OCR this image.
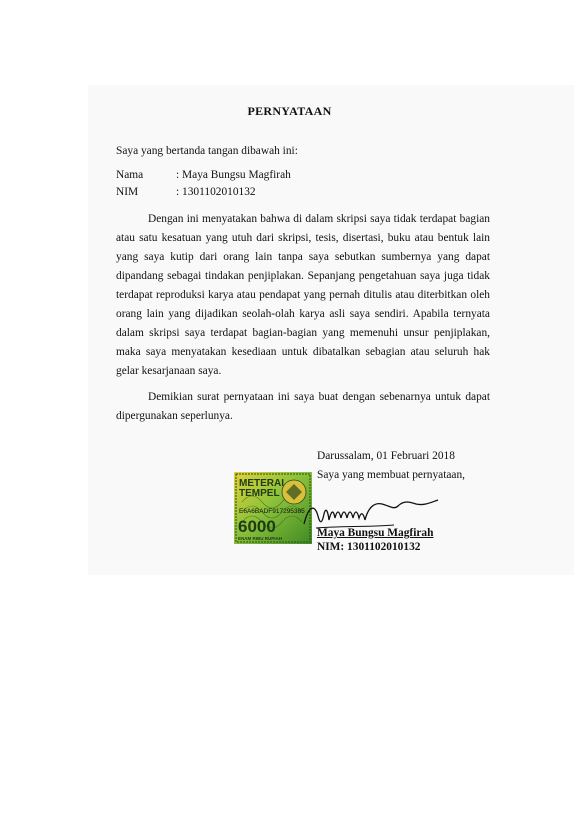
PERNYATAAN
Saya yang bertanda tangan dibawah ini:
Nama	: Maya Bungsu Magfirah
NIM	: 1301102010132
Dengan ini menyatakan bahwa di dalam skripsi saya tidak terdapat bagian
atau satu kesatuan yang utuh dari skripsi, tesis, disertasi, buku atau bentuk lain
yang saya kutip dari orang lain tanpa saya sebutkan sumbernya yang dapat
dipandang sebagai tindakan penjiplakan. Sepanjang pengetahuan saya juga tidak
terdapat reproduksi karya atau pendapat yang pernah ditulis atau diterbitkan oleh
orang lain yang dijadikan seolah-olah karya asli saya sendiri. Apabila ternyata
dalam skripsi saya terdapat bagian-bagian yang memenuhi unsur penjiplakan,
maka saya menyatakan kesediaan untuk dibatalkan sebagian atau seluruh hak
gelar kesarjanaan saya.
Demikian surat pernyataan ini saya buat dengan sebenarnya untuk dapat
dipergunakan seperlunya.
Darussalam, 01 Februari 2018
Saya yang membuat pernyataan,
METERAI
TEMPEL
E6A6BADF917295385
6000
ENAM RIBU RUPIAH	Maya Bungsu Magfirah
NIM: 1301102010132
